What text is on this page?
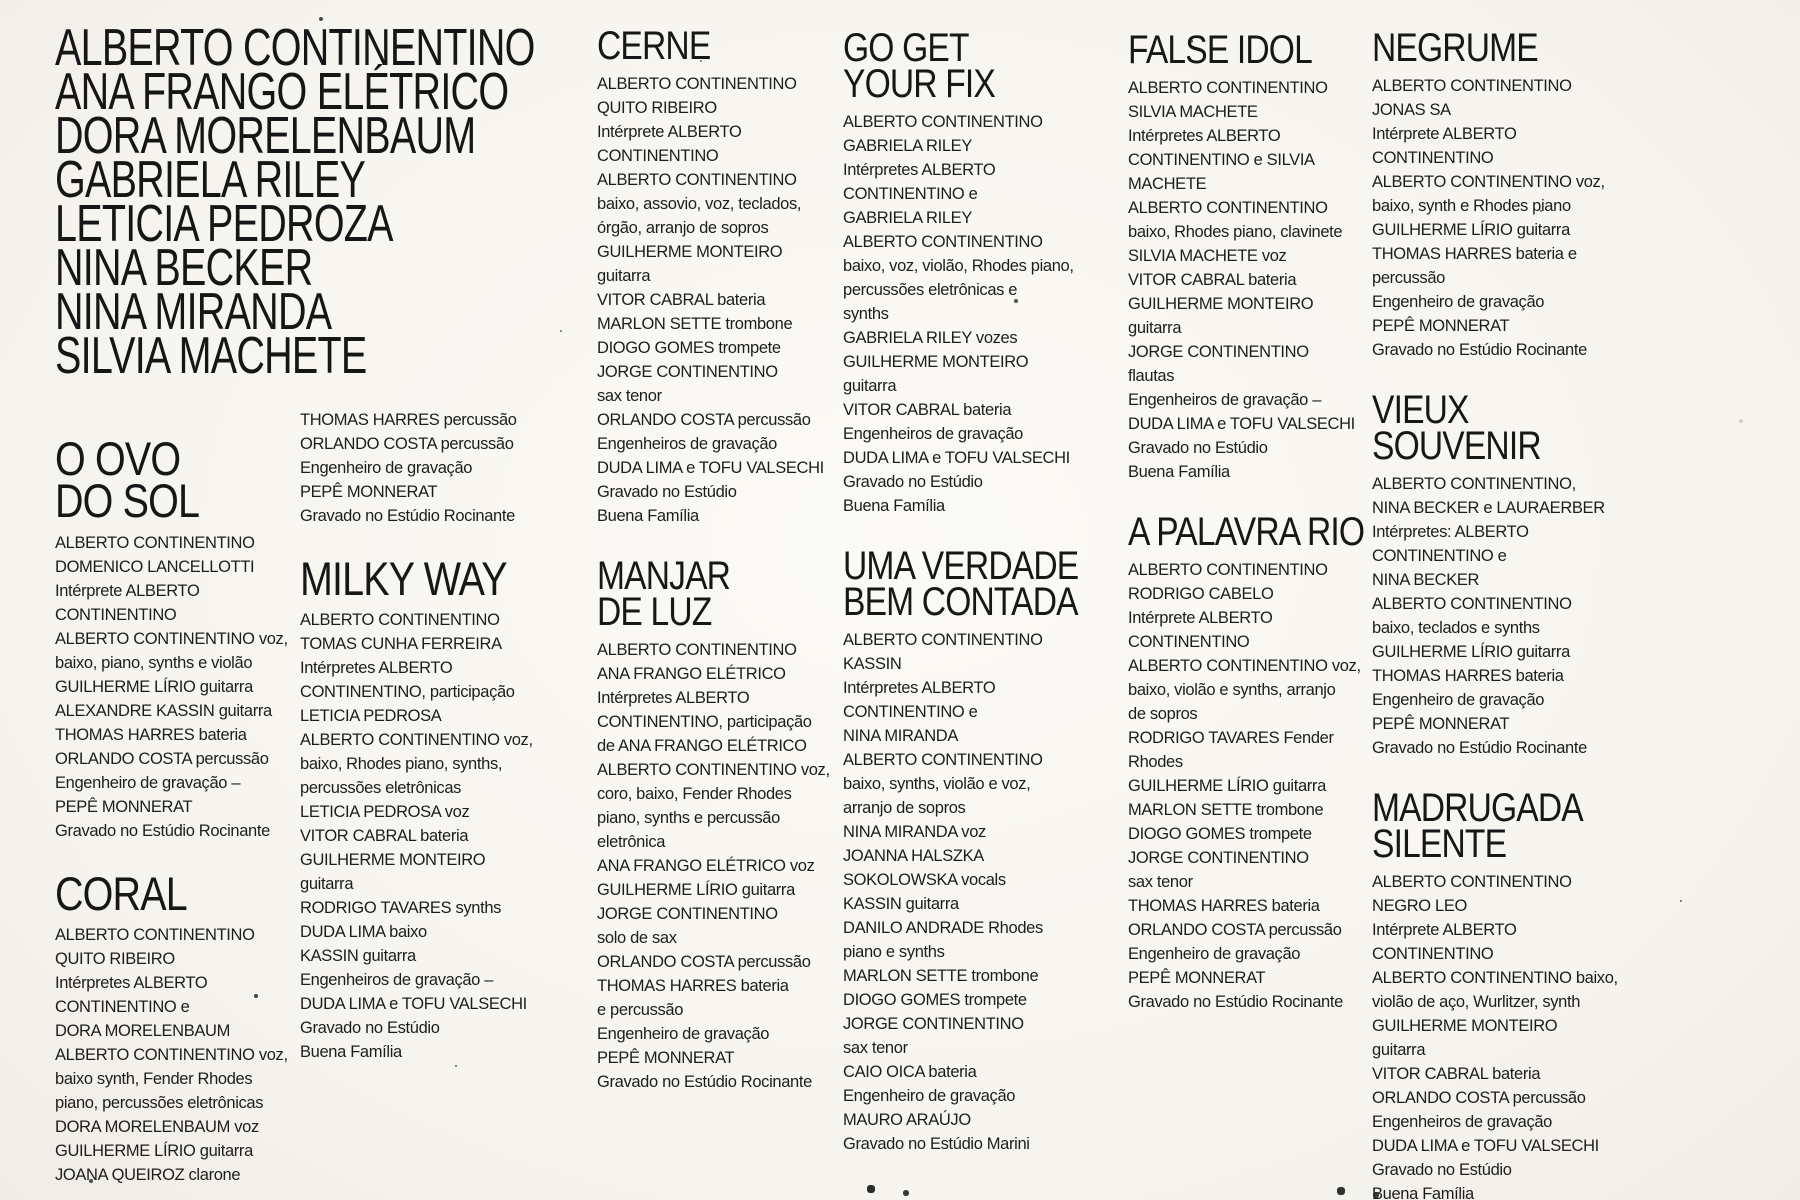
ALBERTO CONTINENTINO
ANA FRANGO ELÉTRICO
DORA MORELENBAUM
GABRIELA RILEY
LETICIA PEDROZA
NINA BECKER
NINA MIRANDA
SILVIA MACHETE
O OVO
DO SOL

ALBERTO CONTINENTINO

DOMENICO LANCELLOTTI

Intérprete ALBERTO

CONTINENTINO

ALBERTO CONTINENTINO voz,

baixo, piano, synths e violão

GUILHERME LÍRIO guitarra

ALEXANDRE KASSIN guitarra

THOMAS HARRES bateria

ORLANDO COSTA percussão

Engenheiro de gravação –

PEPÊ MONNERAT

Gravado no Estúdio Rocinante

CORAL

ALBERTO CONTINENTINO

QUITO RIBEIRO

Intérpretes ALBERTO

CONTINENTINO e

DORA MORELENBAUM

ALBERTO CONTINENTINO voz,

baixo synth, Fender Rhodes

piano, percussões eletrônicas

DORA MORELENBAUM voz

GUILHERME LÍRIO guitarra

JOANA QUEIROZ clarone

THOMAS HARRES percussão

ORLANDO COSTA percussão

Engenheiro de gravação

PEPÊ MONNERAT

Gravado no Estúdio Rocinante

MILKY WAY

ALBERTO CONTINENTINO

TOMAS CUNHA FERREIRA

Intérpretes ALBERTO

CONTINENTINO, participação

LETICIA PEDROSA

ALBERTO CONTINENTINO voz,

baixo, Rhodes piano, synths,

percussões eletrônicas

LETICIA PEDROSA voz

VITOR CABRAL bateria

GUILHERME MONTEIRO

guitarra

RODRIGO TAVARES synths

DUDA LIMA baixo

KASSIN guitarra

Engenheiros de gravação –

DUDA LIMA e TOFU VALSECHI

Gravado no Estúdio

Buena Família

CERNE

ALBERTO CONTINENTINO

QUITO RIBEIRO

Intérprete ALBERTO

CONTINENTINO

ALBERTO CONTINENTINO

baixo, assovio, voz, teclados,

órgão, arranjo de sopros

GUILHERME MONTEIRO

guitarra

VITOR CABRAL bateria

MARLON SETTE trombone

DIOGO GOMES trompete

JORGE CONTINENTINO

sax tenor

ORLANDO COSTA percussão

Engenheiros de gravação

DUDA LIMA e TOFU VALSECHI

Gravado no Estúdio

Buena Família

MANJAR
DE LUZ

ALBERTO CONTINENTINO

ANA FRANGO ELÉTRICO

Intérpretes ALBERTO

CONTINENTINO, participação

de ANA FRANGO ELÉTRICO

ALBERTO CONTINENTINO voz,

coro, baixo, Fender Rhodes

piano, synths e percussão

eletrônica

ANA FRANGO ELÉTRICO voz

GUILHERME LÍRIO guitarra

JORGE CONTINENTINO

solo de sax

ORLANDO COSTA percussão

THOMAS HARRES bateria

e percussão

Engenheiro de gravação

PEPÊ MONNERAT

Gravado no Estúdio Rocinante

GO GET
YOUR FIX

ALBERTO CONTINENTINO

GABRIELA RILEY

Intérpretes ALBERTO

CONTINENTINO e

GABRIELA RILEY

ALBERTO CONTINENTINO

baixo, voz, violão, Rhodes piano,

percussões eletrônicas e

synths

GABRIELA RILEY vozes

GUILHERME MONTEIRO

guitarra

VITOR CABRAL bateria

Engenheiros de gravação

DUDA LIMA e TOFU VALSECHI

Gravado no Estúdio

Buena Família

UMA VERDADE
BEM CONTADA

ALBERTO CONTINENTINO

KASSIN

Intérpretes ALBERTO

CONTINENTINO e

NINA MIRANDA

ALBERTO CONTINENTINO

baixo, synths, violão e voz,

arranjo de sopros

NINA MIRANDA voz

JOANNA HALSZKA

SOKOLOWSKA vocals

KASSIN guitarra

DANILO ANDRADE Rhodes

piano e synths

MARLON SETTE trombone

DIOGO GOMES trompete

JORGE CONTINENTINO

sax tenor

CAIO OICA bateria

Engenheiro de gravação

MAURO ARAÚJO

Gravado no Estúdio Marini

FALSE IDOL

ALBERTO CONTINENTINO

SILVIA MACHETE

Intérpretes ALBERTO

CONTINENTINO e SILVIA

MACHETE

ALBERTO CONTINENTINO

baixo, Rhodes piano, clavinete

SILVIA MACHETE voz

VITOR CABRAL bateria

GUILHERME MONTEIRO

guitarra

JORGE CONTINENTINO

flautas

Engenheiros de gravação –

DUDA LIMA e TOFU VALSECHI

Gravado no Estúdio

Buena Família

A PALAVRA RIO

ALBERTO CONTINENTINO

RODRIGO CABELO

Intérprete ALBERTO

CONTINENTINO

ALBERTO CONTINENTINO voz,

baixo, violão e synths, arranjo

de sopros

RODRIGO TAVARES Fender

Rhodes

GUILHERME LÍRIO guitarra

MARLON SETTE trombone

DIOGO GOMES trompete

JORGE CONTINENTINO

sax tenor

THOMAS HARRES bateria

ORLANDO COSTA percussão

Engenheiro de gravação

PEPÊ MONNERAT

Gravado no Estúdio Rocinante

NEGRUME

ALBERTO CONTINENTINO

JONAS SA

Intérprete ALBERTO

CONTINENTINO

ALBERTO CONTINENTINO voz,

baixo, synth e Rhodes piano

GUILHERME LÍRIO guitarra

THOMAS HARRES bateria e

percussão

Engenheiro de gravação

PEPÊ MONNERAT

Gravado no Estúdio Rocinante

VIEUX
SOUVENIR

ALBERTO CONTINENTINO,

NINA BECKER e LAURAERBER

Intérpretes: ALBERTO

CONTINENTINO e

NINA BECKER

ALBERTO CONTINENTINO

baixo, teclados e synths

GUILHERME LÍRIO guitarra

THOMAS HARRES bateria

Engenheiro de gravação

PEPÊ MONNERAT

Gravado no Estúdio Rocinante

MADRUGADA
SILENTE

ALBERTO CONTINENTINO

NEGRO LEO

Intérprete ALBERTO

CONTINENTINO

ALBERTO CONTINENTINO baixo,

violão de aço, Wurlitzer, synth

GUILHERME MONTEIRO

guitarra

VITOR CABRAL bateria

ORLANDO COSTA percussão

Engenheiros de gravação

DUDA LIMA e TOFU VALSECHI

Gravado no Estúdio

Buena Família
